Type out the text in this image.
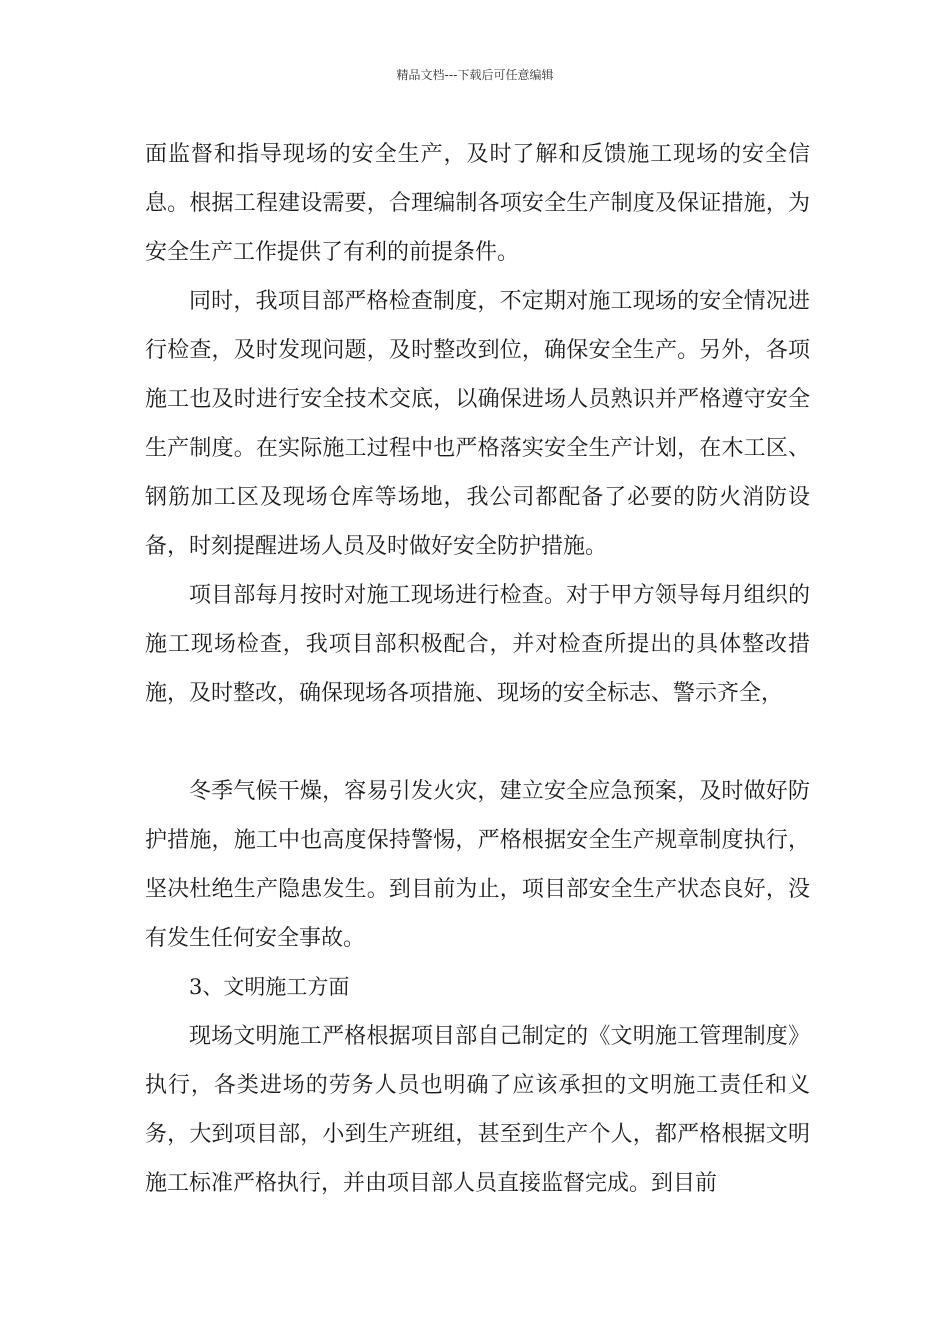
精品文档---下载后可任意编辑

面监督和指导现场的安全生产，及时了解和反馈施工现场的安全信息。根据工程建设需要，合理编制各项安全生产制度及保证措施，为安全生产工作提供了有利的前提条件。

同时，我项目部严格检查制度，不定期对施工现场的安全情况进行检查，及时发现问题，及时整改到位，确保安全生产。另外，各项施工也及时进行安全技术交底，以确保进场人员熟识并严格遵守安全生产制度。在实际施工过程中也严格落实安全生产计划，在木工区、钢筋加工区及现场仓库等场地，我公司都配备了必要的防火消防设备，时刻提醒进场人员及时做好安全防护措施。

项目部每月按时对施工现场进行检查。对于甲方领导每月组织的施工现场检查，我项目部积极配合，并对检查所提出的具体整改措施，及时整改，确保现场各项措施、现场的安全标志、警示齐全，

冬季气候干燥，容易引发火灾，建立安全应急预案，及时做好防护措施，施工中也高度保持警惕，严格根据安全生产规章制度执行，坚决杜绝生产隐患发生。到目前为止，项目部安全生产状态良好，没有发生任何安全事故。

3、文明施工方面

现场文明施工严格根据项目部自己制定的《文明施工管理制度》执行，各类进场的劳务人员也明确了应该承担的文明施工责任和义务，大到项目部，小到生产班组，甚至到生产个人，都严格根据文明施工标准严格执行，并由项目部人员直接监督完成。到目前
